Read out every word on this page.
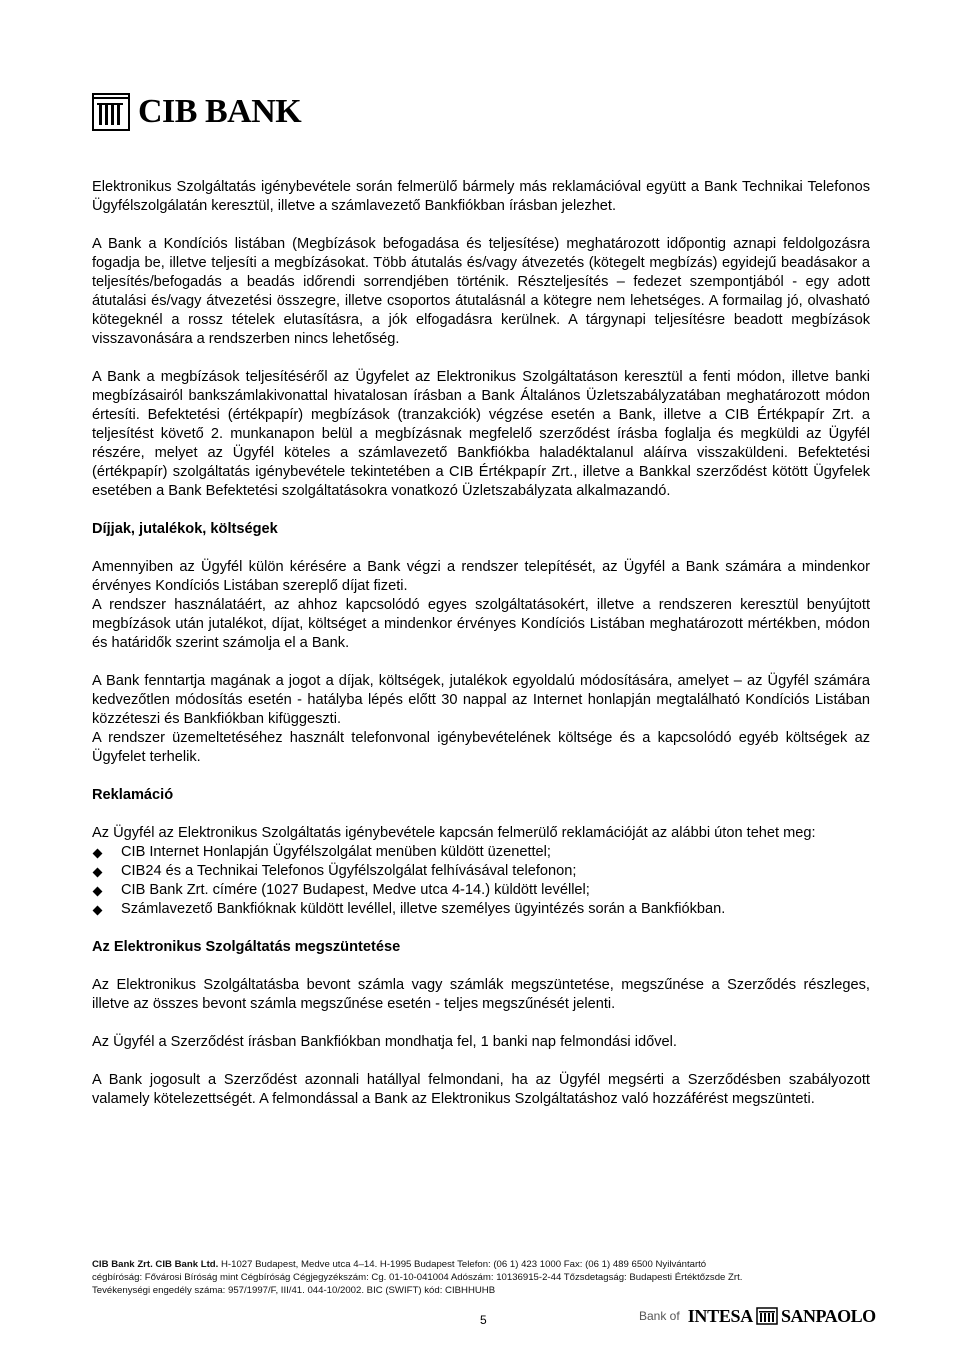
CIB BANK

Elektronikus Szolgáltatás igénybevétele során felmerülő bármely más reklamációval együtt a Bank Technikai Telefonos Ügyfélszolgálatán keresztül, illetve a számlavezető Bankfiókban írásban jelezhet.

A Bank a Kondíciós listában (Megbízások befogadása és teljesítése) meghatározott időpontig aznapi feldolgozásra fogadja be, illetve teljesíti a megbízásokat. Több átutalás és/vagy átvezetés (kötegelt megbízás) egyidejű beadásakor a teljesítés/befogadás a beadás időrendi sorrendjében történik. Részteljesítés – fedezet szempontjából - egy adott átutalási és/vagy átvezetési összegre, illetve csoportos átutalásnál a kötegre nem lehetséges. A formailag jó, olvasható kötegeknél a rossz tételek elutasításra, a jók elfogadásra kerülnek. A tárgynapi teljesítésre beadott megbízások visszavonására a rendszerben nincs lehetőség.

A Bank a megbízások teljesítéséről az Ügyfelet az Elektronikus Szolgáltatáson keresztül a fenti módon, illetve banki megbízásairól bankszámlakivonattal hivatalosan írásban a Bank Általános Üzletszabályzatában meghatározott módon értesíti. Befektetési (értékpapír) megbízások (tranzakciók) végzése esetén a Bank, illetve a CIB Értékpapír Zrt. a teljesítést követő 2. munkanapon belül a megbízásnak megfelelő szerződést írásba foglalja és megküldi az Ügyfél részére, melyet az Ügyfél köteles a számlavezető Bankfiókba haladéktalanul aláírva visszaküldeni. Befektetési (értékpapír) szolgáltatás igénybevétele tekintetében a CIB Értékpapír Zrt., illetve a Bankkal szerződést kötött Ügyfelek esetében a Bank Befektetési szolgáltatásokra vonatkozó Üzletszabályzata alkalmazandó.

Díjjak, jutalékok, költségek

Amennyiben az Ügyfél külön kérésére a Bank végzi a rendszer telepítését, az Ügyfél a Bank számára a mindenkor érvényes Kondíciós Listában szereplő díjat fizeti.

A rendszer használatáért, az ahhoz kapcsolódó egyes szolgáltatásokért, illetve a rendszeren keresztül benyújtott megbízások után jutalékot, díjat, költséget a mindenkor érvényes Kondíciós Listában meghatározott mértékben, módon és határidők szerint számolja el a Bank.

A Bank fenntartja magának a jogot a díjak, költségek, jutalékok egyoldalú módosítására, amelyet – az Ügyfél számára kedvezőtlen módosítás esetén - hatályba lépés előtt 30 nappal az Internet honlapján megtalálható Kondíciós Listában közzéteszi és Bankfiókban kifüggeszti.

A rendszer üzemeltetéséhez használt telefonvonal igénybevételének költsége és a kapcsolódó egyéb költségek az Ügyfelet terhelik.

Reklamáció

Az Ügyfél az Elektronikus Szolgáltatás igénybevétele kapcsán felmerülő reklamációját az alábbi úton tehet meg:

CIB Internet Honlapján Ügyfélszolgálat menüben küldött üzenettel;
CIB24 és a Technikai Telefonos Ügyfélszolgálat felhívásával telefonon;
CIB Bank Zrt. címére (1027 Budapest, Medve utca 4-14.) küldött levéllel;
Számlavezető Bankfióknak küldött levéllel, illetve személyes ügyintézés során a Bankfiókban.

Az Elektronikus Szolgáltatás megszüntetése

Az Elektronikus Szolgáltatásba bevont számla vagy számlák megszüntetése, megszűnése a Szerződés részleges, illetve az összes bevont számla megszűnése esetén - teljes megszűnését jelenti.

Az Ügyfél a Szerződést írásban Bankfiókban mondhatja fel, 1 banki nap felmondási idővel.

A Bank jogosult a Szerződést azonnali hatállyal felmondani, ha az Ügyfél megsérti a Szerződésben szabályozott valamely kötelezettségét. A felmondással a Bank az Elektronikus Szolgáltatáshoz való hozzáférést megszünteti.

CIB Bank Zrt. CIB Bank Ltd. H-1027 Budapest, Medve utca 4–14. H-1995 Budapest Telefon: (06 1) 423 1000 Fax: (06 1) 489 6500 Nyilvántartó
cégbíróság: Fővárosi Bíróság mint Cégbíróság Cégjegyzékszám: Cg. 01-10-041004 Adószám: 10136915-2-44 Tőzsdetagság: Budapesti Értéktőzsde Zrt.
Tevékenységi engedély száma: 957/1997/F, III/41. 044-10/2002. BIC (SWIFT) kód: CIBHHUHB
5	Bank of INTESA SANPAOLO
